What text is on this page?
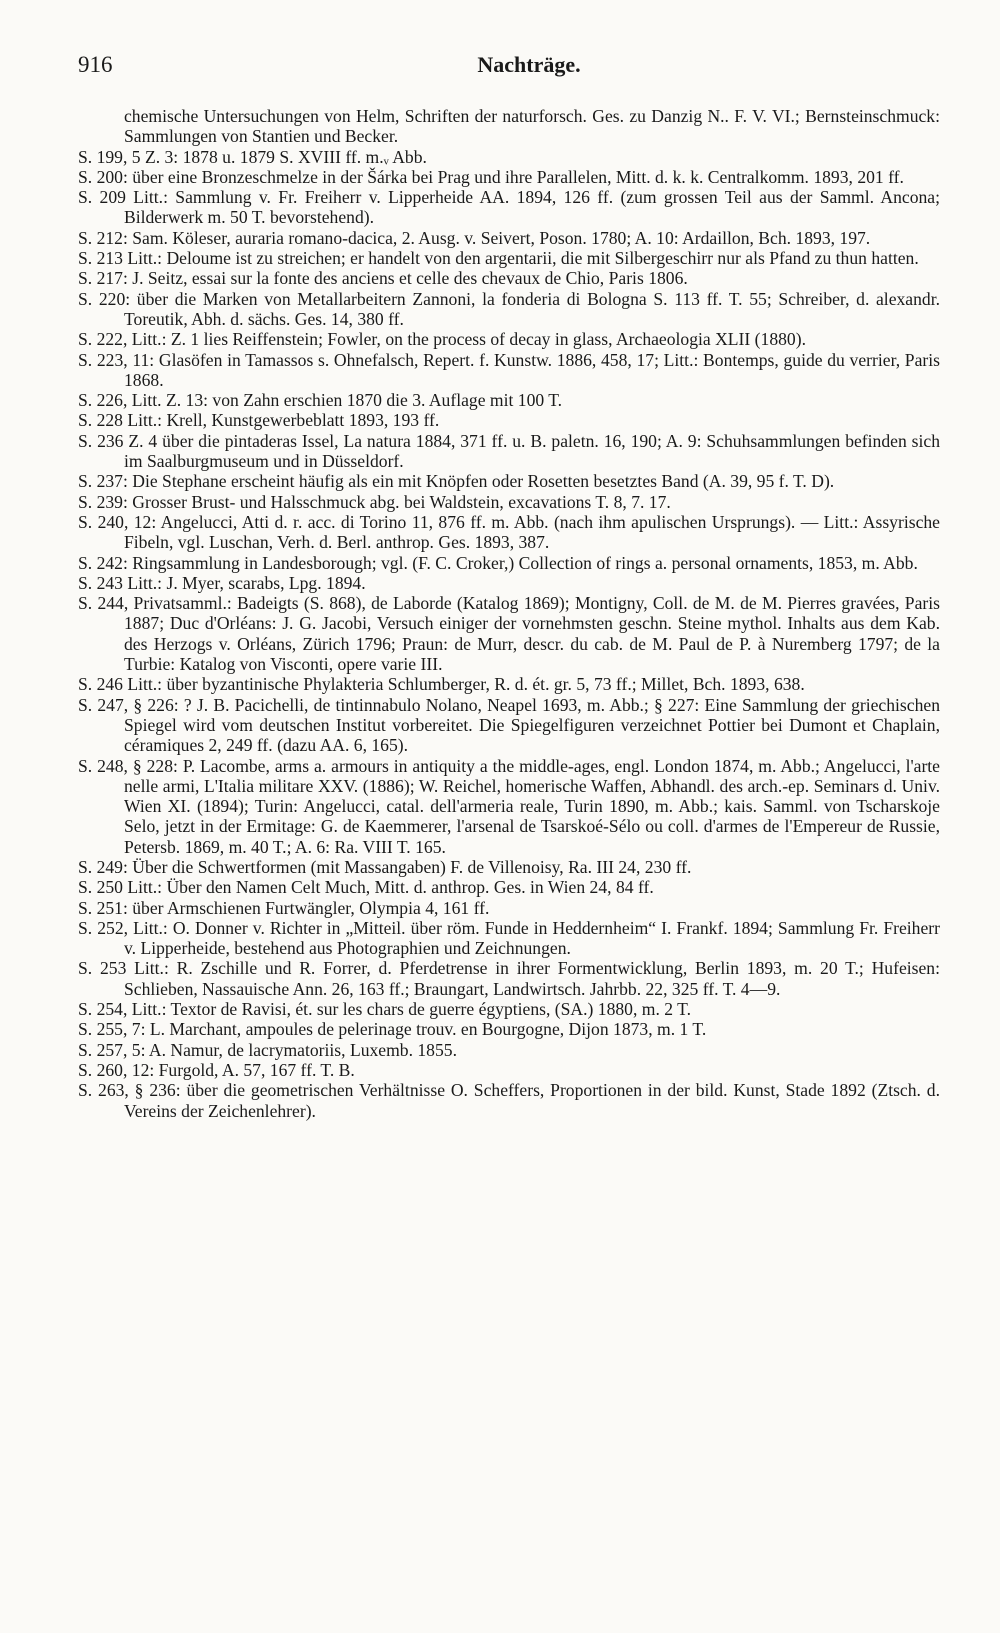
916	Nachträge.

chemische Untersuchungen von Helm, Schriften der naturforsch. Ges. zu Danzig N.. F. V. VI.; Bernsteinschmuck: Sammlungen von Stantien und Becker.

S. 199, 5 Z. 3: 1878 u. 1879 S. XVIII ff. m.ᵥ Abb.

S. 200: über eine Bronzeschmelze in der Šárka bei Prag und ihre Parallelen, Mitt. d. k. k. Centralkomm. 1893, 201 ff.

S. 209 Litt.: Sammlung v. Fr. Freiherr v. Lipperheide AA. 1894, 126 ff. (zum grossen Teil aus der Samml. Ancona; Bilderwerk m. 50 T. bevorstehend).

S. 212: Sam. Köleser, auraria romano-dacica, 2. Ausg. v. Seivert, Poson. 1780; A. 10: Ardaillon, Bch. 1893, 197.

S. 213 Litt.: Deloume ist zu streichen; er handelt von den argentarii, die mit Silbergeschirr nur als Pfand zu thun hatten.

S. 217: J. Seitz, essai sur la fonte des anciens et celle des chevaux de Chio, Paris 1806.

S. 220: über die Marken von Metallarbeitern Zannoni, la fonderia di Bologna S. 113 ff. T. 55; Schreiber, d. alexandr. Toreutik, Abh. d. sächs. Ges. 14, 380 ff.

S. 222, Litt.: Z. 1 lies Reiffenstein; Fowler, on the process of decay in glass, Archaeologia XLII (1880).

S. 223, 11: Glasöfen in Tamassos s. Ohnefalsch, Repert. f. Kunstw. 1886, 458, 17; Litt.: Bontemps, guide du verrier, Paris 1868.

S. 226, Litt. Z. 13: von Zahn erschien 1870 die 3. Auflage mit 100 T.

S. 228 Litt.: Krell, Kunstgewerbeblatt 1893, 193 ff.

S. 236 Z. 4 über die pintaderas Issel, La natura 1884, 371 ff. u. B. paletn. 16, 190; A. 9: Schuhsammlungen befinden sich im Saalburgmuseum und in Düsseldorf.

S. 237: Die Stephane erscheint häufig als ein mit Knöpfen oder Rosetten besetztes Band (A. 39, 95 f. T. D).

S. 239: Grosser Brust- und Halsschmuck abg. bei Waldstein, excavations T. 8, 7. 17.

S. 240, 12: Angelucci, Atti d. r. acc. di Torino 11, 876 ff. m. Abb. (nach ihm apulischen Ursprungs). — Litt.: Assyrische Fibeln, vgl. Luschan, Verh. d. Berl. anthrop. Ges. 1893, 387.

S. 242: Ringsammlung in Landesborough; vgl. (F. C. Croker,) Collection of rings a. personal ornaments, 1853, m. Abb.

S. 243 Litt.: J. Myer, scarabs, Lpg. 1894.

S. 244, Privatsamml.: Badeigts (S. 868), de Laborde (Katalog 1869); Montigny, Coll. de M. de M. Pierres gravées, Paris 1887; Duc d'Orléans: J. G. Jacobi, Versuch einiger der vornehmsten geschn. Steine mythol. Inhalts aus dem Kab. des Herzogs v. Orléans, Zürich 1796; Praun: de Murr, descr. du cab. de M. Paul de P. à Nuremberg 1797; de la Turbie: Katalog von Visconti, opere varie III.

S. 246 Litt.: über byzantinische Phylakteria Schlumberger, R. d. ét. gr. 5, 73 ff.; Millet, Bch. 1893, 638.

S. 247, § 226: ? J. B. Pacichelli, de tintinnabulo Nolano, Neapel 1693, m. Abb.; § 227: Eine Sammlung der griechischen Spiegel wird vom deutschen Institut vorbereitet. Die Spiegelfiguren verzeichnet Pottier bei Dumont et Chaplain, céramiques 2, 249 ff. (dazu AA. 6, 165).

S. 248, § 228: P. Lacombe, arms a. armours in antiquity a the middle-ages, engl. London 1874, m. Abb.; Angelucci, l'arte nelle armi, L'Italia militare XXV. (1886); W. Reichel, homerische Waffen, Abhandl. des arch.-ep. Seminars d. Univ. Wien XI. (1894); Turin: Angelucci, catal. dell'armeria reale, Turin 1890, m. Abb.; kais. Samml. von Tscharskoje Selo, jetzt in der Ermitage: G. de Kaemmerer, l'arsenal de Tsarskoé-Sélo ou coll. d'armes de l'Empereur de Russie, Petersb. 1869, m. 40 T.; A. 6: Ra. VIII T. 165.

S. 249: Über die Schwertformen (mit Massangaben) F. de Villenoisy, Ra. III 24, 230 ff.

S. 250 Litt.: Über den Namen Celt Much, Mitt. d. anthrop. Ges. in Wien 24, 84 ff.

S. 251: über Armschienen Furtwängler, Olympia 4, 161 ff.

S. 252, Litt.: O. Donner v. Richter in „Mitteil. über röm. Funde in Heddernheim“ I. Frankf. 1894; Sammlung Fr. Freiherr v. Lipperheide, bestehend aus Photographien und Zeichnungen.

S. 253 Litt.: R. Zschille und R. Forrer, d. Pferdetrense in ihrer Formentwicklung, Berlin 1893, m. 20 T.; Hufeisen: Schlieben, Nassauische Ann. 26, 163 ff.; Braungart, Landwirtsch. Jahrbb. 22, 325 ff. T. 4—9.

S. 254, Litt.: Textor de Ravisi, ét. sur les chars de guerre égyptiens, (SA.) 1880, m. 2 T.

S. 255, 7: L. Marchant, ampoules de pelerinage trouv. en Bourgogne, Dijon 1873, m. 1 T.

S. 257, 5: A. Namur, de lacrymatoriis, Luxemb. 1855.

S. 260, 12: Furgold, A. 57, 167 ff. T. B.

S. 263, § 236: über die geometrischen Verhältnisse O. Scheffers, Proportionen in der bild. Kunst, Stade 1892 (Ztsch. d. Vereins der Zeichenlehrer).
